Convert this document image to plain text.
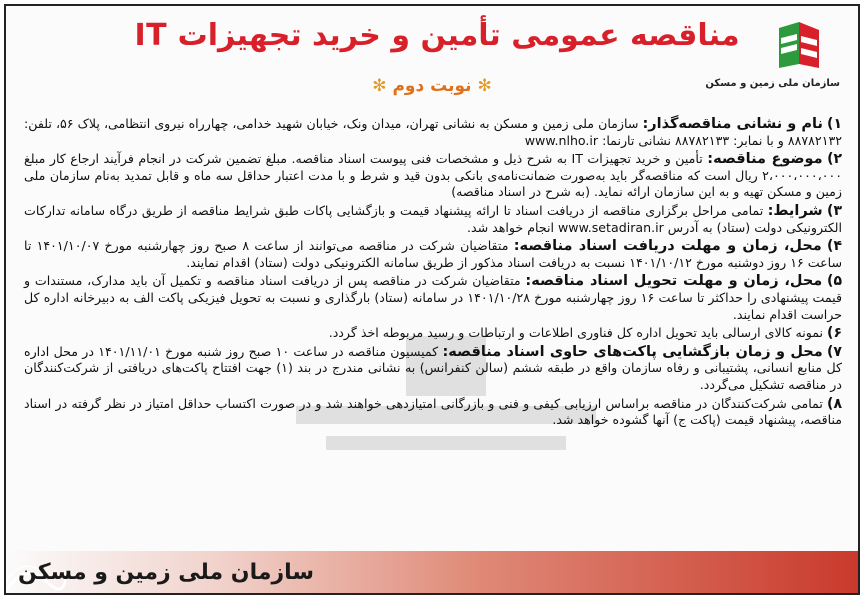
سازمان ملی زمین و مسکن
مناقصه عمومی تأمین و خرید تجهیزات IT
✻ نوبت دوم ✻
۱) نام و نشانی مناقصه‌گذار: سازمان ملی زمین و مسکن به نشانی تهران، میدان ونک، خیابان شهید خدامی، چهارراه نیروی انتظامی، پلاک ۵۶، تلفن: ۸۸۷۸۲۱۳۲ و با نمابر: ۸۸۷۸۲۱۳۳ نشانی تارنما: www.nlho.ir
۲) موضوع مناقصه: تأمین و خرید تجهیزات IT به شرح ذیل و مشخصات فنی پیوست اسناد مناقصه. مبلغ تضمین شرکت در انجام فرآیند ارجاع کار مبلغ ۲،۰۰۰،۰۰۰،۰۰۰ ریال است که مناقصه‌گر باید به‌صورت ضمانت‌نامه‌ی بانکی بدون قید و شرط و با مدت اعتبار حداقل سه ماه و قابل تمدید به‌نام سازمان ملی زمین و مسکن تهیه و به این سازمان ارائه نماید. (به شرح در اسناد مناقصه)
۳) شرایط: تمامی مراحل برگزاری مناقصه از دریافت اسناد تا ارائه پیشنهاد قیمت و بازگشایی پاکات طبق شرایط مناقصه از طریق درگاه سامانه تدارکات الکترونیکی دولت (ستاد) به آدرس www.setadiran.ir انجام خواهد شد.
۴) محل، زمان و مهلت دریافت اسناد مناقصه: متقاضیان شرکت در مناقصه می‌توانند از ساعت ۸ صبح روز چهارشنبه مورخ ۱۴۰۱/۱۰/۰۷ تا ساعت ۱۶ روز دوشنبه مورخ ۱۴۰۱/۱۰/۱۲ نسبت به دریافت اسناد مذکور از طریق سامانه الکترونیکی دولت (ستاد) اقدام نمایند.
۵) محل، زمان و مهلت تحویل اسناد مناقصه: متقاضیان شرکت در مناقصه پس از دریافت اسناد مناقصه و تکمیل آن باید مدارک، مستندات و قیمت پیشنهادی را حداکثر تا ساعت ۱۶ روز چهارشنبه مورخ ۱۴۰۱/۱۰/۲۸ در سامانه (ستاد) بارگذاری و نسبت به تحویل فیزیکی پاکت الف به دبیرخانه اداره کل حراست اقدام نمایند.
۶) نمونه کالای ارسالی باید تحویل اداره کل فناوری اطلاعات و ارتباطات و رسید مربوطه اخذ گردد.
۷) محل و زمان بازگشایی پاکت‌های حاوی اسناد مناقصه: کمیسیون مناقصه در ساعت ۱۰ صبح روز شنبه مورخ ۱۴۰۱/۱۱/۰۱ در محل اداره کل منابع انسانی، پشتیبانی و رفاه سازمان واقع در طبقه ششم (سالن کنفرانس) به نشانی مندرج در بند (۱) جهت افتتاح پاکت‌های دریافتی از شرکت‌کنندگان در مناقصه تشکیل می‌گردد.
۸) تمامی شرکت‌کنندگان در مناقصه براساس ارزیابی کیفی و فنی و بازرگانی امتیازدهی خواهند شد و در صورت اکتساب حداقل امتیاز در نظر گرفته در اسناد مناقصه، پیشنهاد قیمت (پاکت ج) آنها گشوده خواهد شد.
سازمان ملی زمین و مسکن
